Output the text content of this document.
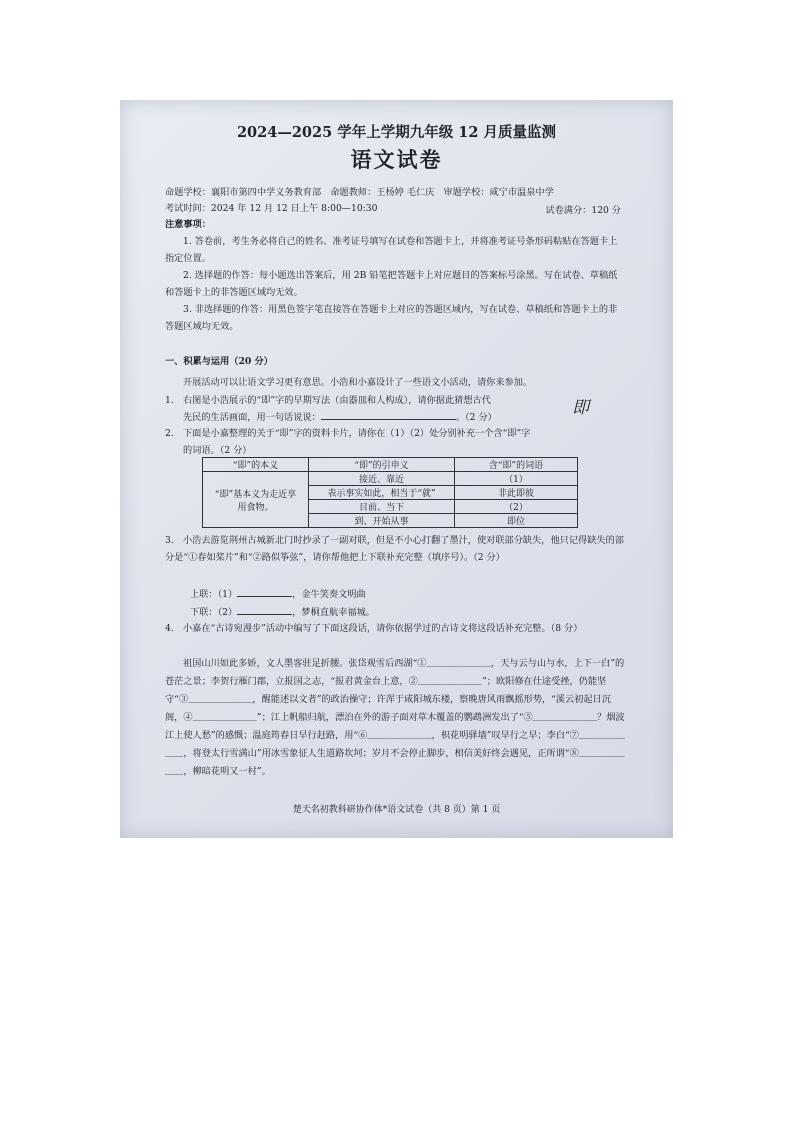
2024—2025 学年上学期九年级 12 月质量监测
语文试卷
命题学校：襄阳市第四中学义务教育部　命题教师：王杨婷 毛仁庆　审题学校：咸宁市温泉中学
考试时间：2024 年 12 月 12 日上午 8:00—10:30	试卷满分：120 分
注意事项：
1. 答卷前，考生务必将自己的姓名、准考证号填写在试卷和答题卡上，并将准考证号条形码粘贴在答题卡上指定位置。
2. 选择题的作答：每小题选出答案后，用 2B 铅笔把答题卡上对应题目的答案标号涂黑。写在试卷、草稿纸和答题卡上的非答题区域均无效。
3. 非选择题的作答：用黑色签字笔直接答在答题卡上对应的答题区域内，写在试卷、草稿纸和答题卡上的非答题区域均无效。
一、积累与运用（20 分）
开展活动可以让语文学习更有意思。小浩和小嘉设计了一些语文小活动，请你来参加。
1.　右图是小浩展示的“即”字的早期写法（由器皿和人构成），请你据此猜想古代
先民的生活画面，用一句话说说：	。（2 分）	即
2.　下面是小嘉整理的关于“即”字的资料卡片，请你在（1）（2）处分别补充一个含“即”字
的词语。（2 分）
“即”的本义	“即”的引申义	含“即”的词语
“即”基本义为走近享用食物。	接近、靠近	（1）
	表示事实如此，相当于“就”	非此即彼
	目前、当下	（2）
	到、开始从事	即位
3.　小浩去游览荆州古城新北门时抄录了一副对联，但是不小心打翻了墨汁，使对联部分缺失，他只记得缺失的部分是“①春如桨片”和“②路似筝弦”，请你帮他把上下联补充完整（填序号）。（2 分）
上联：（1）	，金牛笑奏文明曲
下联：（2）	，梦桐直航幸福城。
4.　小嘉在“古诗宛漫步”活动中编写了下面这段话，请你依据学过的古诗文将这段话补充完整。（8 分）
祖国山川如此多娇，文人墨客驻足折腰。张岱观雪后西湖“①＿＿＿＿＿＿＿，天与云与山与水，上下一白”的苍茫之景；李贺行雁门郡，立报国之志，“报君黄金台上意，②＿＿＿＿＿＿＿”；欧阳修在仕途受挫，仍能坚守“③＿＿＿＿＿＿＿，醒能述以文者”的政治操守；许浑于咸阳城东楼，察晚唐风雨飘摇形势，“溪云初起日沉阁，④＿＿＿＿＿＿＿”；江上帆船归航，漂泊在外的游子面对草木覆盖的鹦鹉洲发出了“⑤＿＿＿＿＿＿＿？烟波江上使人愁”的感慨；温庭筠春日早行赶路，用“⑥＿＿＿＿＿＿＿，枳花明驿墙”叹早行之早；李白“⑦＿＿＿＿＿＿＿，将登太行雪满山”用冰雪象征人生道路坎坷；岁月不会停止脚步，相信美好终会遇见，正所谓“⑧＿＿＿＿＿＿＿，柳暗花明又一村”。
楚天名初教科研协作体*语文试卷（共 8 页）第 1 页
